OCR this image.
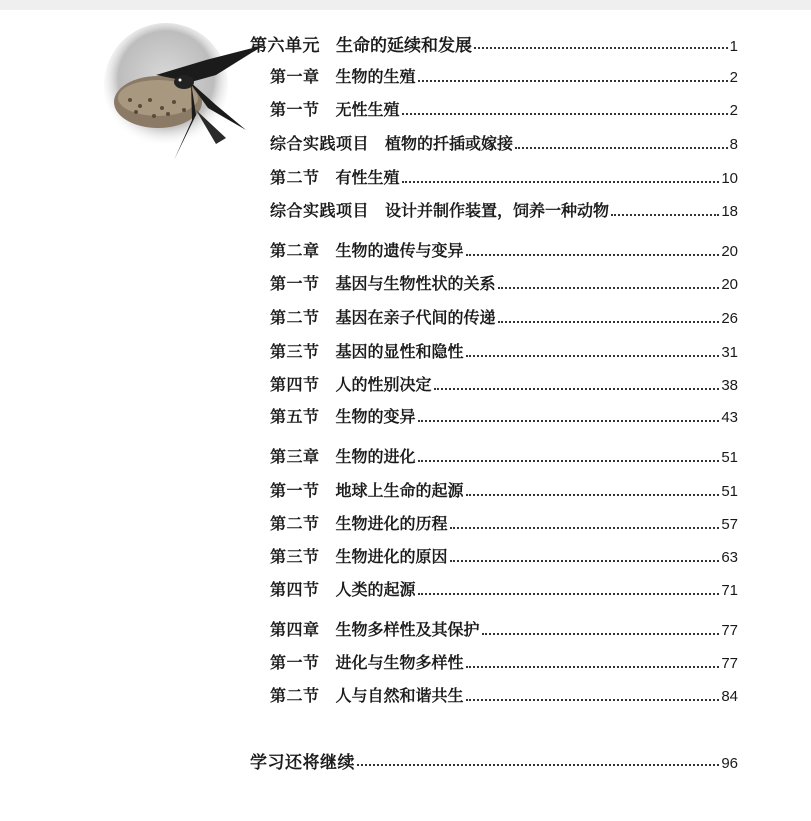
第六单元 生命的延续和发展	1
第一章 生物的生殖	2
第一节 无性生殖	2
综合实践项目 植物的扦插或嫁接	8
第二节 有性生殖	10
综合实践项目 设计并制作装置，饲养一种动物	18
第二章 生物的遗传与变异	20
第一节 基因与生物性状的关系	20
第二节 基因在亲子代间的传递	26
第三节 基因的显性和隐性	31
第四节 人的性别决定	38
第五节 生物的变异	43
第三章 生物的进化	51
第一节 地球上生命的起源	51
第二节 生物进化的历程	57
第三节 生物进化的原因	63
第四节 人类的起源	71
第四章 生物多样性及其保护	77
第一节 进化与生物多样性	77
第二节 人与自然和谐共生	84
学习还将继续	96
